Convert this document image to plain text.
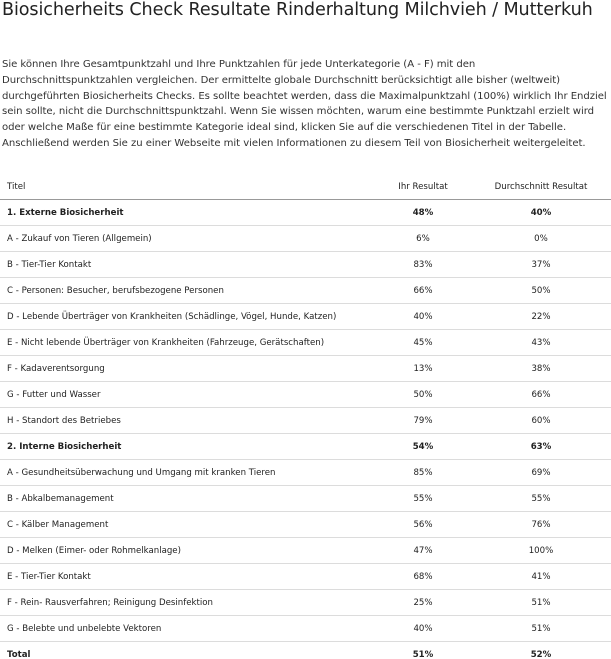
Biosicherheits Check Resultate Rinderhaltung Milchvieh / Mutterkuh

Sie können Ihre Gesamtpunktzahl und Ihre Punktzahlen für jede Unterkategorie (A - F) mit den Durchschnittspunktzahlen vergleichen. Der ermittelte globale Durchschnitt berücksichtigt alle bisher (weltweit) durchgeführten Biosicherheits Checks. Es sollte beachtet werden, dass die Maximalpunktzahl (100%) wirklich Ihr Endziel sein sollte, nicht die Durchschnittspunktzahl. Wenn Sie wissen möchten, warum eine bestimmte Punktzahl erzielt wird oder welche Maße für eine bestimmte Kategorie ideal sind, klicken Sie auf die verschiedenen Titel in der Tabelle. Anschließend werden Sie zu einer Webseite mit vielen Informationen zu diesem Teil von Biosicherheit weitergeleitet.

Titel	Ihr Resultat	Durchschnitt Resultat
1. Externe Biosicherheit	48%	40%
A - Zukauf von Tieren (Allgemein)	6%	0%
B - Tier-Tier Kontakt	83%	37%
C - Personen: Besucher, berufsbezogene Personen	66%	50%
D - Lebende Überträger von Krankheiten (Schädlinge, Vögel, Hunde, Katzen)	40%	22%
E - Nicht lebende Überträger von Krankheiten (Fahrzeuge, Gerätschaften)	45%	43%
F - Kadaverentsorgung	13%	38%
G - Futter und Wasser	50%	66%
H - Standort des Betriebes	79%	60%
2. Interne Biosicherheit	54%	63%
A - Gesundheitsüberwachung und Umgang mit kranken Tieren	85%	69%
B - Abkalbemanagement	55%	55%
C - Kälber Management	56%	76%
D - Melken (Eimer- oder Rohmelkanlage)	47%	100%
E - Tier-Tier Kontakt	68%	41%
F - Rein- Rausverfahren; Reinigung Desinfektion	25%	51%
G - Belebte und unbelebte Vektoren	40%	51%
Total	51%	52%
